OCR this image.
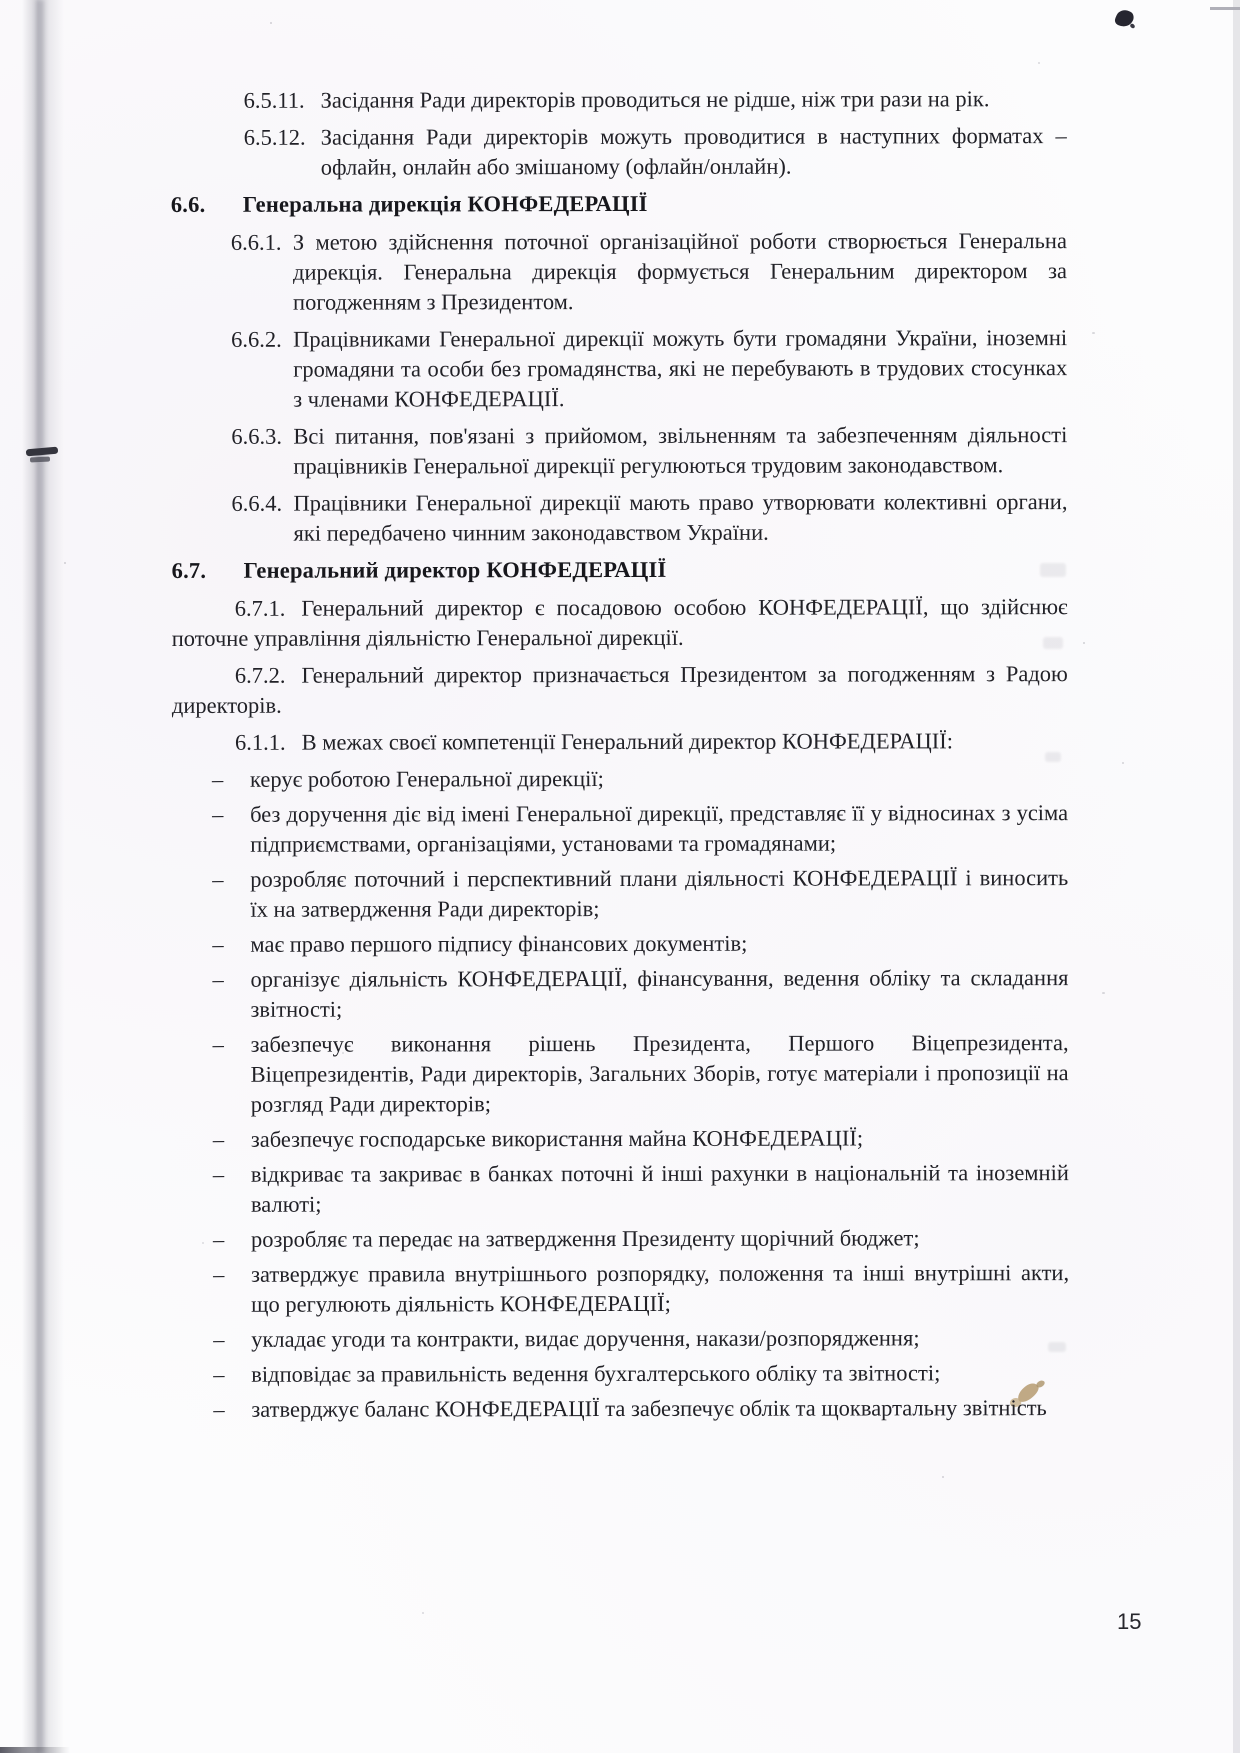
6.5.11. Засідання Ради директорів проводиться не рідше, ніж три рази на рік.

6.5.12. Засідання Ради директорів можуть проводитися в наступних форматах – офлайн, онлайн або змішаному (офлайн/онлайн).

6.6. Генеральна дирекція КОНФЕДЕРАЦІЇ

6.6.1. З метою здійснення поточної організаційної роботи створюється Генеральна дирекція. Генеральна дирекція формується Генеральним директором за погодженням з Президентом.

6.6.2. Працівниками Генеральної дирекції можуть бути громадяни України, іноземні громадяни та особи без громадянства, які не перебувають в трудових стосунках з членами КОНФЕДЕРАЦІЇ.

6.6.3. Всі питання, пов'язані з прийомом, звільненням та забезпеченням діяльності працівників Генеральної дирекції регулюються трудовим законодавством.

6.6.4. Працівники Генеральної дирекції мають право утворювати колективні органи, які передбачено чинним законодавством України.

6.7. Генеральний директор КОНФЕДЕРАЦІЇ

6.7.1. Генеральний директор є посадовою особою КОНФЕДЕРАЦІЇ, що здійснює поточне управління діяльністю Генеральної дирекції.

6.7.2. Генеральний директор призначається Президентом за погодженням з Радою директорів.

6.1.1. В межах своєї компетенції Генеральний директор КОНФЕДЕРАЦІЇ:

– керує роботою Генеральної дирекції;

– без доручення діє від імені Генеральної дирекції, представляє її у відносинах з усіма підприємствами, організаціями, установами та громадянами;

– розробляє поточний і перспективний плани діяльності КОНФЕДЕРАЦІЇ і виносить їх на затвердження Ради директорів;

– має право першого підпису фінансових документів;

– організує діяльність КОНФЕДЕРАЦІЇ, фінансування, ведення обліку та складання звітності;

– забезпечує виконання рішень Президента, Першого Віцепрезидента, Віцепрезидентів, Ради директорів, Загальних Зборів, готує матеріали і пропозиції на розгляд Ради директорів;

– забезпечує господарське використання майна КОНФЕДЕРАЦІЇ;

– відкриває та закриває в банках поточні й інші рахунки в національній та іноземній валюті;

– розробляє та передає на затвердження Президенту щорічний бюджет;

– затверджує правила внутрішнього розпорядку, положення та інші внутрішні акти, що регулюють діяльність КОНФЕДЕРАЦІЇ;

– укладає угоди та контракти, видає доручення, накази/розпорядження;

– відповідає за правильність ведення бухгалтерського обліку та звітності;

– затверджує баланс КОНФЕДЕРАЦІЇ та забезпечує облік та щоквартальну звітність

15
